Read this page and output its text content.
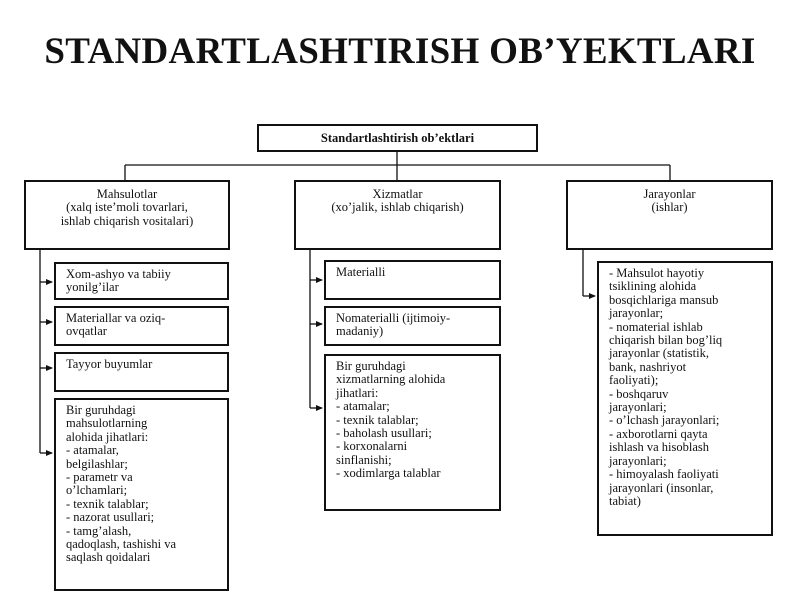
STANDARTLASHTIRISH OB’YEKTLARI
Standartlashtirish ob’ektlari
Mahsulotlar
(xalq iste’moli tovarlari,
ishlab chiqarish vositalari)
Xizmatlar
(xo’jalik, ishlab chiqarish)
Jarayonlar
(ishlar)
Xom-ashyo va tabiiy
yonilg’ilar
Materiallar va oziq-
ovqatlar
Tayyor buyumlar
Bir guruhdagi
mahsulotlarning
alohida jihatlari:
- atamalar,
belgilashlar;
- parametr va
o’lchamlari;
- texnik talablar;
- nazorat usullari;
- tamg’alash,
qadoqlash, tashishi va
saqlash qoidalari
Materialli
Nomaterialli (ijtimoiy-
madaniy)
Bir guruhdagi
xizmatlarning alohida
jihatlari:
- atamalar;
- texnik talablar;
- baholash usullari;
- korxonalarni
sinflanishi;
- xodimlarga talablar
- Mahsulot hayotiy
tsiklining alohida
bosqichlariga mansub
jarayonlar;
- nomaterial ishlab
chiqarish bilan bog’liq
jarayonlar (statistik,
bank, nashriyot
faoliyati);
- boshqaruv
jarayonlari;
- o’lchash jarayonlari;
- axborotlarni qayta
ishlash va hisoblash
jarayonlari;
- himoyalash faoliyati
jarayonlari (insonlar,
tabiat)
